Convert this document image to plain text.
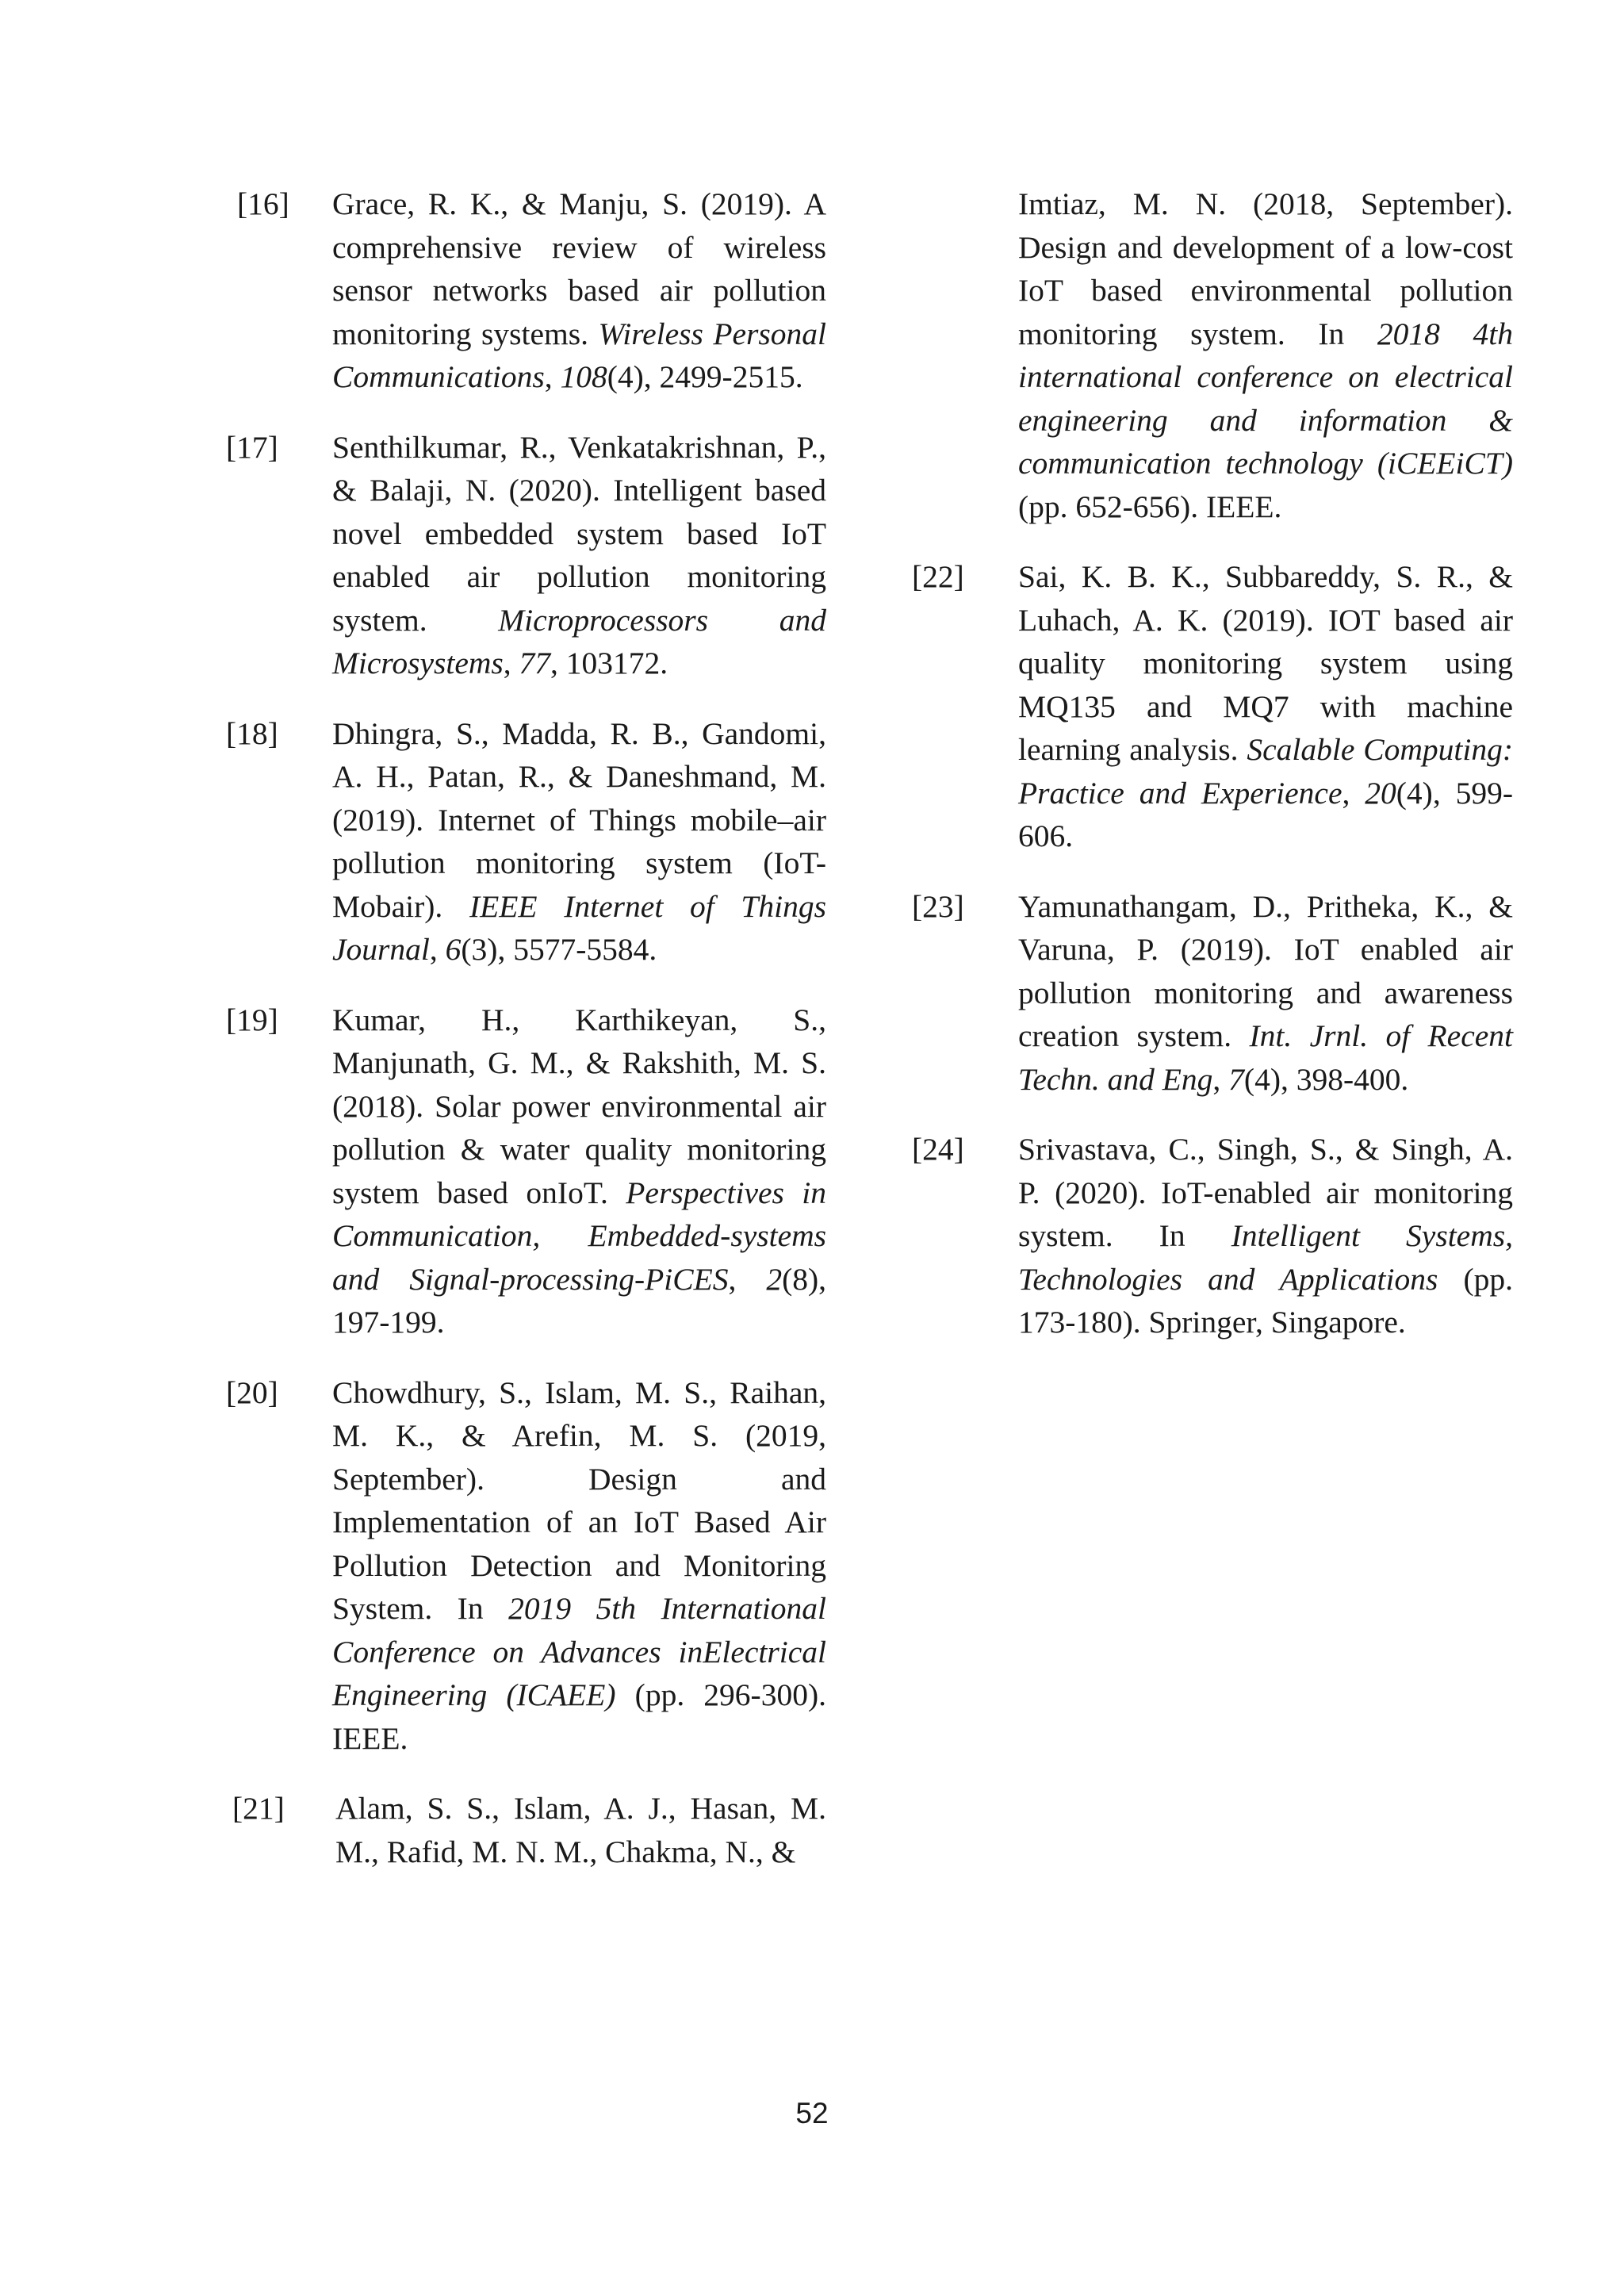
[16] Grace, R. K., & Manju, S. (2019). A comprehensive review of wireless sensor networks based air pollution monitoring systems. Wireless Personal Communications, 108(4), 2499-2515.
[17] Senthilkumar, R., Venkatakrishnan, P., & Balaji, N. (2020). Intelligent based novel embedded system based IoT enabled air pollution monitoring system. Microprocessors and Microsystems, 77, 103172.
[18] Dhingra, S., Madda, R. B., Gandomi, A. H., Patan, R., & Daneshmand, M. (2019). Internet of Things mobile–air pollution monitoring system (IoT-Mobair). IEEE Internet of Things Journal, 6(3), 5577-5584.
[19] Kumar, H., Karthikeyan, S., Manjunath, G. M., & Rakshith, M. S. (2018). Solar power environmental air pollution & water quality monitoring system based onIoT. Perspectives in Communication, Embedded-systems and Signal-processing-PiCES, 2(8), 197-199.
[20] Chowdhury, S., Islam, M. S., Raihan, M. K., & Arefin, M. S. (2019, September). Design and Implementation of an IoT Based Air Pollution Detection and Monitoring System. In 2019 5th International Conference on Advances inElectrical Engineering (ICAEE) (pp. 296-300). IEEE.
[21] Alam, S. S., Islam, A. J., Hasan, M. M., Rafid, M. N. M., Chakma, N., &
Imtiaz, M. N. (2018, September). Design and development of a low-cost IoT based environmental pollution monitoring system. In 2018 4th international conference on electrical engineering and information & communication technology (iCEEiCT) (pp. 652-656). IEEE.
[22] Sai, K. B. K., Subbareddy, S. R., & Luhach, A. K. (2019). IOT based air quality monitoring system using MQ135 and MQ7 with machine learning analysis. Scalable Computing: Practice and Experience, 20(4), 599-606.
[23] Yamunathangam, D., Pritheka, K., & Varuna, P. (2019). IoT enabled air pollution monitoring and awareness creation system. Int. Jrnl. of Recent Techn. and Eng, 7(4), 398-400.
[24] Srivastava, C., Singh, S., & Singh, A. P. (2020). IoT-enabled air monitoring system. In Intelligent Systems, Technologies and Applications (pp. 173-180). Springer, Singapore.
52
